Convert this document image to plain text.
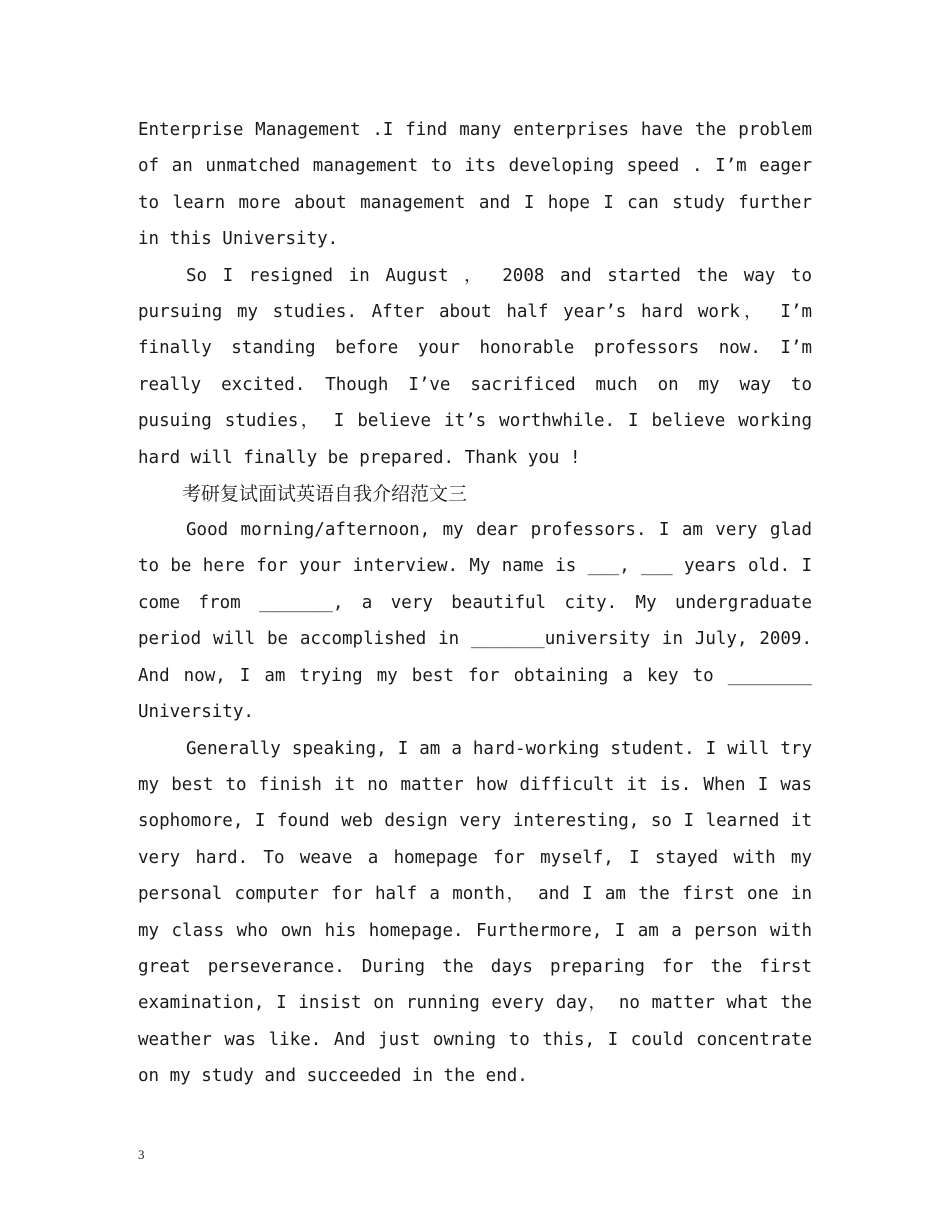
Enterprise Management .I find many enterprises have the problem of an unmatched management to its developing speed . I’m eager to learn more about management and I hope I can study further in this University.

So I resigned in August ， 2008 and started the way to pursuing my studies. After about half year’s hard work， I’m finally standing before your honorable professors now. I’m really excited. Though I’ve sacrificed much on my way to pusuing studies， I believe it’s worthwhile. I believe working hard will finally be prepared. Thank you !

考研复试面试英语自我介绍范文三

Good morning/afternoon, my dear professors. I am very glad to be here for your interview. My name is ___, ___ years old. I come from _______, a very beautiful city. My undergraduate period will be accomplished in _______university in July, 2009. And now, I am trying my best for obtaining a key to ________ University.

Generally speaking, I am a hard-working student. I will try my best to finish it no matter how difficult it is. When I was sophomore, I found web design very interesting, so I learned it very hard. To weave a homepage for myself, I stayed with my personal computer for half a month， and I am the first one in my class who own his homepage. Furthermore, I am a person with great perseverance. During the days preparing for the first examination, I insist on running every day， no matter what the weather was like. And just owning to this, I could concentrate on my study and succeeded in the end.

3
